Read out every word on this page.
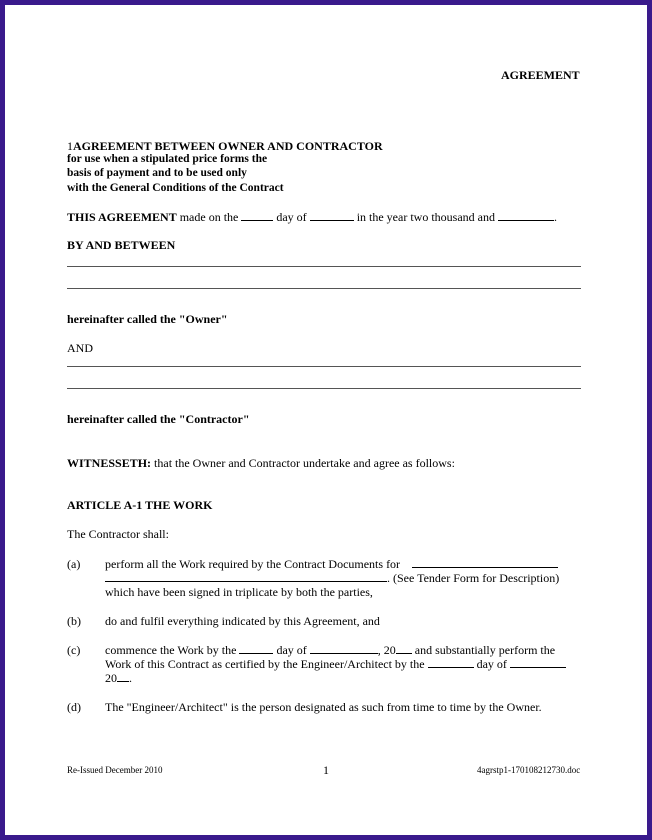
AGREEMENT
1AGREEMENT BETWEEN OWNER AND CONTRACTOR
for use when a stipulated price forms the
basis of payment and to be used only
with the General Conditions of the Contract
THIS AGREEMENT made on the	day of	in the year two thousand and	.
BY AND BETWEEN
hereinafter called the "Owner"
AND
hereinafter called the "Contractor"
WITNESSETH: that the Owner and Contractor undertake and agree as follows:
ARTICLE A-1 THE WORK
The Contractor shall:
(a) perform all the Work required by the Contract Documents for
. (See Tender Form for Description)
which have been signed in triplicate by both the parties,
(b) do and fulfil everything indicated by this Agreement, and
(c) commence the Work by the	day of	, 20 and substantially perform the
Work of this Contract as certified by the Engineer/Architect by the	day of
20 .
(d) The "Engineer/Architect" is the person designated as such from time to time by the Owner.
Re-Issued December 2010	1	4agrstp1-170108212730.doc
